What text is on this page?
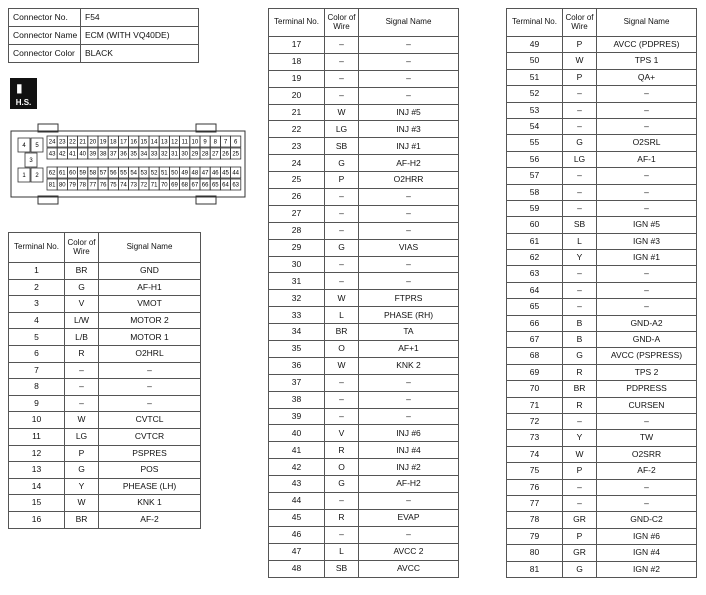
Connector No.	F54
Connector Name	ECM (WITH VQ40DE)
Connector Color	BLACK
▮
H.S.
4 5
3
1 2
24 23 22 21 20 19 18 17 16 15 14 13 12 11 10 9 8 7 6
43 42 41 40 39 38 37 36 35 34 33 32 31 30 29 28 27 26 25
62 61 60 59 58 57 56 55 54 53 52 51 50 49 48 47 46 45 44
81 80 79 78 77 76 75 74 73 72 71 70 69 68 67 66 65 64 63
Terminal No.	Color of Wire	Signal Name
1	BR	GND
2	G	AF-H1
3	V	VMOT
4	L/W	MOTOR 2
5	L/B	MOTOR 1
6	R	O2HRL
7	–	–
8	–	–
9	–	–
10	W	CVTCL
11	LG	CVTCR
12	P	PSPRES
13	G	POS
14	Y	PHEASE (LH)
15	W	KNK 1
16	BR	AF-2
Terminal No.	Color of Wire	Signal Name
17	–	–
18	–	–
19	–	–
20	–	–
21	W	INJ #5
22	LG	INJ #3
23	SB	INJ #1
24	G	AF-H2
25	P	O2HRR
26	–	–
27	–	–
28	–	–
29	G	VIAS
30	–	–
31	–	–
32	W	FTPRS
33	L	PHASE (RH)
34	BR	TA
35	O	AF+1
36	W	KNK 2
37	–	–
38	–	–
39	–	–
40	V	INJ #6
41	R	INJ #4
42	O	INJ #2
43	G	AF-H2
44	–	–
45	R	EVAP
46	–	–
47	L	AVCC 2
48	SB	AVCC
Terminal No.	Color of Wire	Signal Name
49	P	AVCC (PDPRES)
50	W	TPS 1
51	P	QA+
52	–	–
53	–	–
54	–	–
55	G	O2SRL
56	LG	AF-1
57	–	–
58	–	–
59	–	–
60	SB	IGN #5
61	L	IGN #3
62	Y	IGN #1
63	–	–
64	–	–
65	–	–
66	B	GND-A2
67	B	GND-A
68	G	AVCC (PSPRESS)
69	R	TPS 2
70	BR	PDPRESS
71	R	CURSEN
72	–	–
73	Y	TW
74	W	O2SRR
75	P	AF-2
76	–	–
77	–	–
78	GR	GND-C2
79	P	IGN #6
80	GR	IGN #4
81	G	IGN #2
